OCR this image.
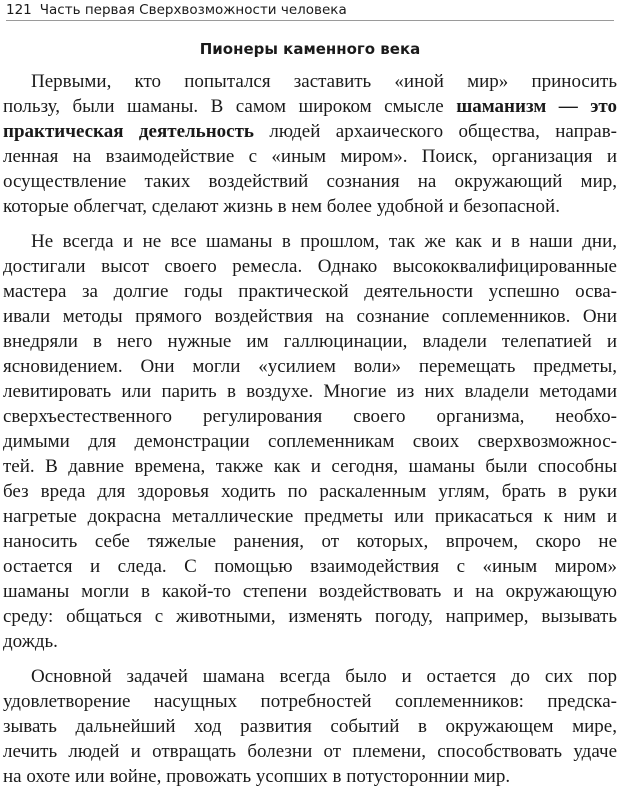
121 Часть первая Сверхвозможности человека
Пионеры каменного века
Первыми, кто попытался заставить «иной мир» приносить
пользу, были шаманы. В самом широком смысле шаманизм — это
практическая деятельность людей архаического общества, направ-
ленная на взаимодействие с «иным миром». Поиск, организация и
осуществление таких воздействий сознания на окружающий мир,
которые облегчат, сделают жизнь в нем более удобной и безопасной.
Не всегда и не все шаманы в прошлом, так же как и в наши дни,
достигали высот своего ремесла. Однако высококвалифицированные
мастера за долгие годы практической деятельности успешно осва-
ивали методы прямого воздействия на сознание соплеменников. Они
внедряли в него нужные им галлюцинации, владели телепатией и
ясновидением. Они могли «усилием воли» перемещать предметы,
левитировать или парить в воздухе. Многие из них владели методами
сверхъестественного регулирования своего организма, необхо-
димыми для демонстрации соплеменникам своих сверхвозможнос-
тей. В давние времена, также как и сегодня, шаманы были способны
без вреда для здоровья ходить по раскаленным углям, брать в руки
нагретые докрасна металлические предметы или прикасаться к ним и
наносить себе тяжелые ранения, от которых, впрочем, скоро не
остается и следа. С помощью взаимодействия с «иным миром»
шаманы могли в какой-то степени воздействовать и на окружающую
среду: общаться с животными, изменять погоду, например, вызывать
дождь.
Основной задачей шамана всегда было и остается до сих пор
удовлетворение насущных потребностей соплеменников: предска-
зывать дальнейший ход развития событий в окружающем мире,
лечить людей и отвращать болезни от племени, способствовать удаче
на охоте или войне, провожать усопших в потустороннии мир.
